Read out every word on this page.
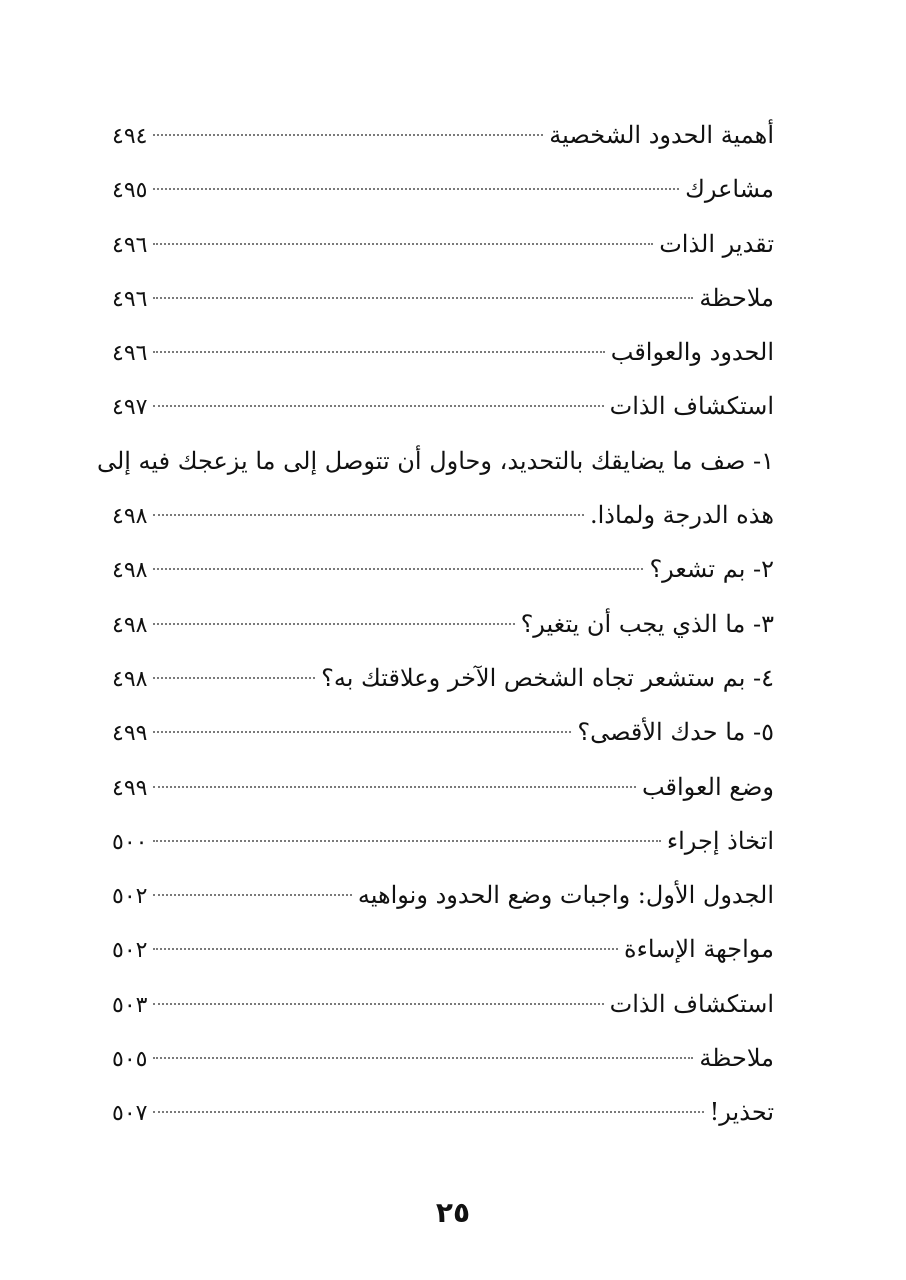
أهمية الحدود الشخصية
٤٩٤
مشاعرك
٤٩٥
تقدير الذات
٤٩٦
ملاحظة
٤٩٦
الحدود والعواقب
٤٩٦
استكشاف الذات
٤٩٧
١- صف ما يضايقك بالتحديد، وحاول أن تتوصل إلى ما يزعجك فيه إلى
هذه الدرجة ولماذا.
٤٩٨
٢- بم تشعر؟
٤٩٨
٣- ما الذي يجب أن يتغير؟
٤٩٨
٤- بم ستشعر تجاه الشخص الآخر وعلاقتك به؟
٤٩٨
٥- ما حدك الأقصى؟
٤٩٩
وضع العواقب
٤٩٩
اتخاذ إجراء
٥٠٠
الجدول الأول: واجبات وضع الحدود ونواهيه
٥٠٢
مواجهة الإساءة
٥٠٢
استكشاف الذات
٥٠٣
ملاحظة
٥٠٥
تحذير!
٥٠٧
٢٥
